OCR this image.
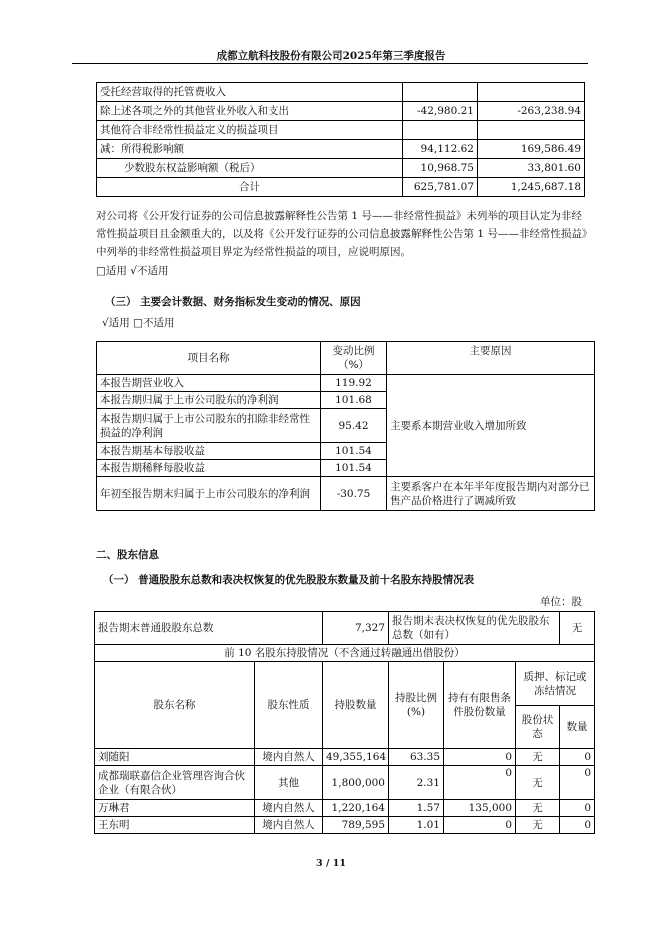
成都立航科技股份有限公司2025年第三季度报告
受托经营取得的托管费收入		
除上述各项之外的其他营业外收入和支出	-42,980.21	-263,238.94
其他符合非经常性损益定义的损益项目		
减：所得税影响额	94,112.62	169,586.49
少数股东权益影响额（税后）	10,968.75	33,801.60
合计	625,781.07	1,245,687.18
对公司将《公开发行证券的公司信息披露解释性公告第 1 号——非经常性损益》未列举的项目认定为非经常性损益项目且金额重大的，以及将《公开发行证券的公司信息披露解释性公告第 1 号——非经常性损益》中列举的非经常性损益项目界定为经常性损益的项目，应说明原因。
□适用 √不适用
（三） 主要会计数据、财务指标发生变动的情况、原因
√适用 □不适用
项目名称	变动比例（%）	主要原因
本报告期营业收入	119.92	主要系本期营业收入增加所致
本报告期归属于上市公司股东的净利润	101.68	
本报告期归属于上市公司股东的扣除非经常性损益的净利润	95.42	
本报告期基本每股收益	101.54	
本报告期稀释每股收益	101.54	
年初至报告期末归属于上市公司股东的净利润	-30.75	主要系客户在本年半年度报告期内对部分已售产品价格进行了调减所致
二、股东信息
（一） 普通股股东总数和表决权恢复的优先股股东数量及前十名股东持股情况表
单位：股
报告期末普通股股东总数		7,327	报告期末表决权恢复的优先股股东总数（如有）			无
前 10 名股东持股情况（不含通过转融通出借股份）						
股东名称	股东性质	持股数量	持股比例(%)	持有有限售条件股份数量	质押、标记或冻结情况	
					股份状态	数量
刘随阳	境内自然人	49,355,164	63.35	0	无	0
成都瑞联嘉信企业管理咨询合伙企业（有限合伙）	其他	1,800,000	2.31	0	无	0
万琳君	境内自然人	1,220,164	1.57	135,000	无	0
王东明	境内自然人	789,595	1.01	0	无	0
3 / 11
